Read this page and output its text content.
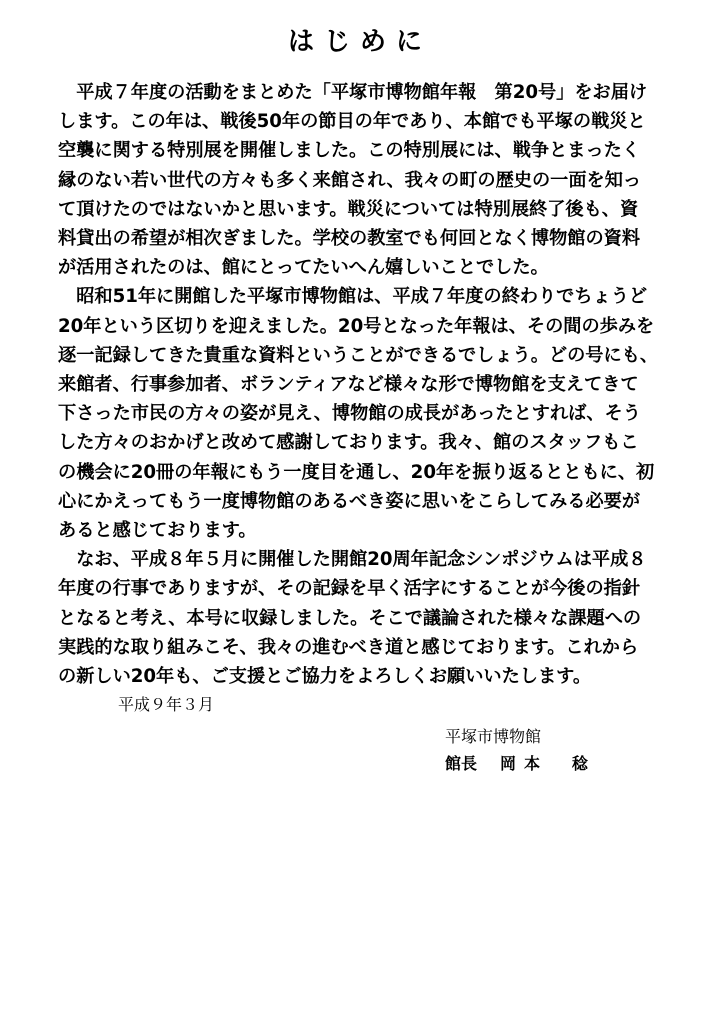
はじめに

　平成７年度の活動をまとめた「平塚市博物館年報　第20号」をお届け
します。この年は、戦後50年の節目の年であり、本館でも平塚の戦災と
空襲に関する特別展を開催しました。この特別展には、戦争とまったく
縁のない若い世代の方々も多く来館され、我々の町の歴史の一面を知っ
て頂けたのではないかと思います。戦災については特別展終了後も、資
料貸出の希望が相次ぎました。学校の教室でも何回となく博物館の資料
が活用されたのは、館にとってたいへん嬉しいことでした。

　昭和51年に開館した平塚市博物館は、平成７年度の終わりでちょうど
20年という区切りを迎えました。20号となった年報は、その間の歩みを
逐一記録してきた貴重な資料ということができるでしょう。どの号にも、
来館者、行事参加者、ボランティアなど様々な形で博物館を支えてきて
下さった市民の方々の姿が見え、博物館の成長があったとすれば、そう
した方々のおかげと改めて感謝しております。我々、館のスタッフもこ
の機会に20冊の年報にもう一度目を通し、20年を振り返るとともに、初
心にかえってもう一度博物館のあるべき姿に思いをこらしてみる必要が
あると感じております。

　なお、平成８年５月に開催した開館20周年記念シンポジウムは平成８
年度の行事でありますが、その記録を早く活字にすることが今後の指針
となると考え、本号に収録しました。そこで議論された様々な課題への
実践的な取り組みこそ、我々の進むべき道と感じております。これから
の新しい20年も、ご支援とご協力をよろしくお願いいたします。

平成９年３月
平塚市博物館
館長 岡本　稔
